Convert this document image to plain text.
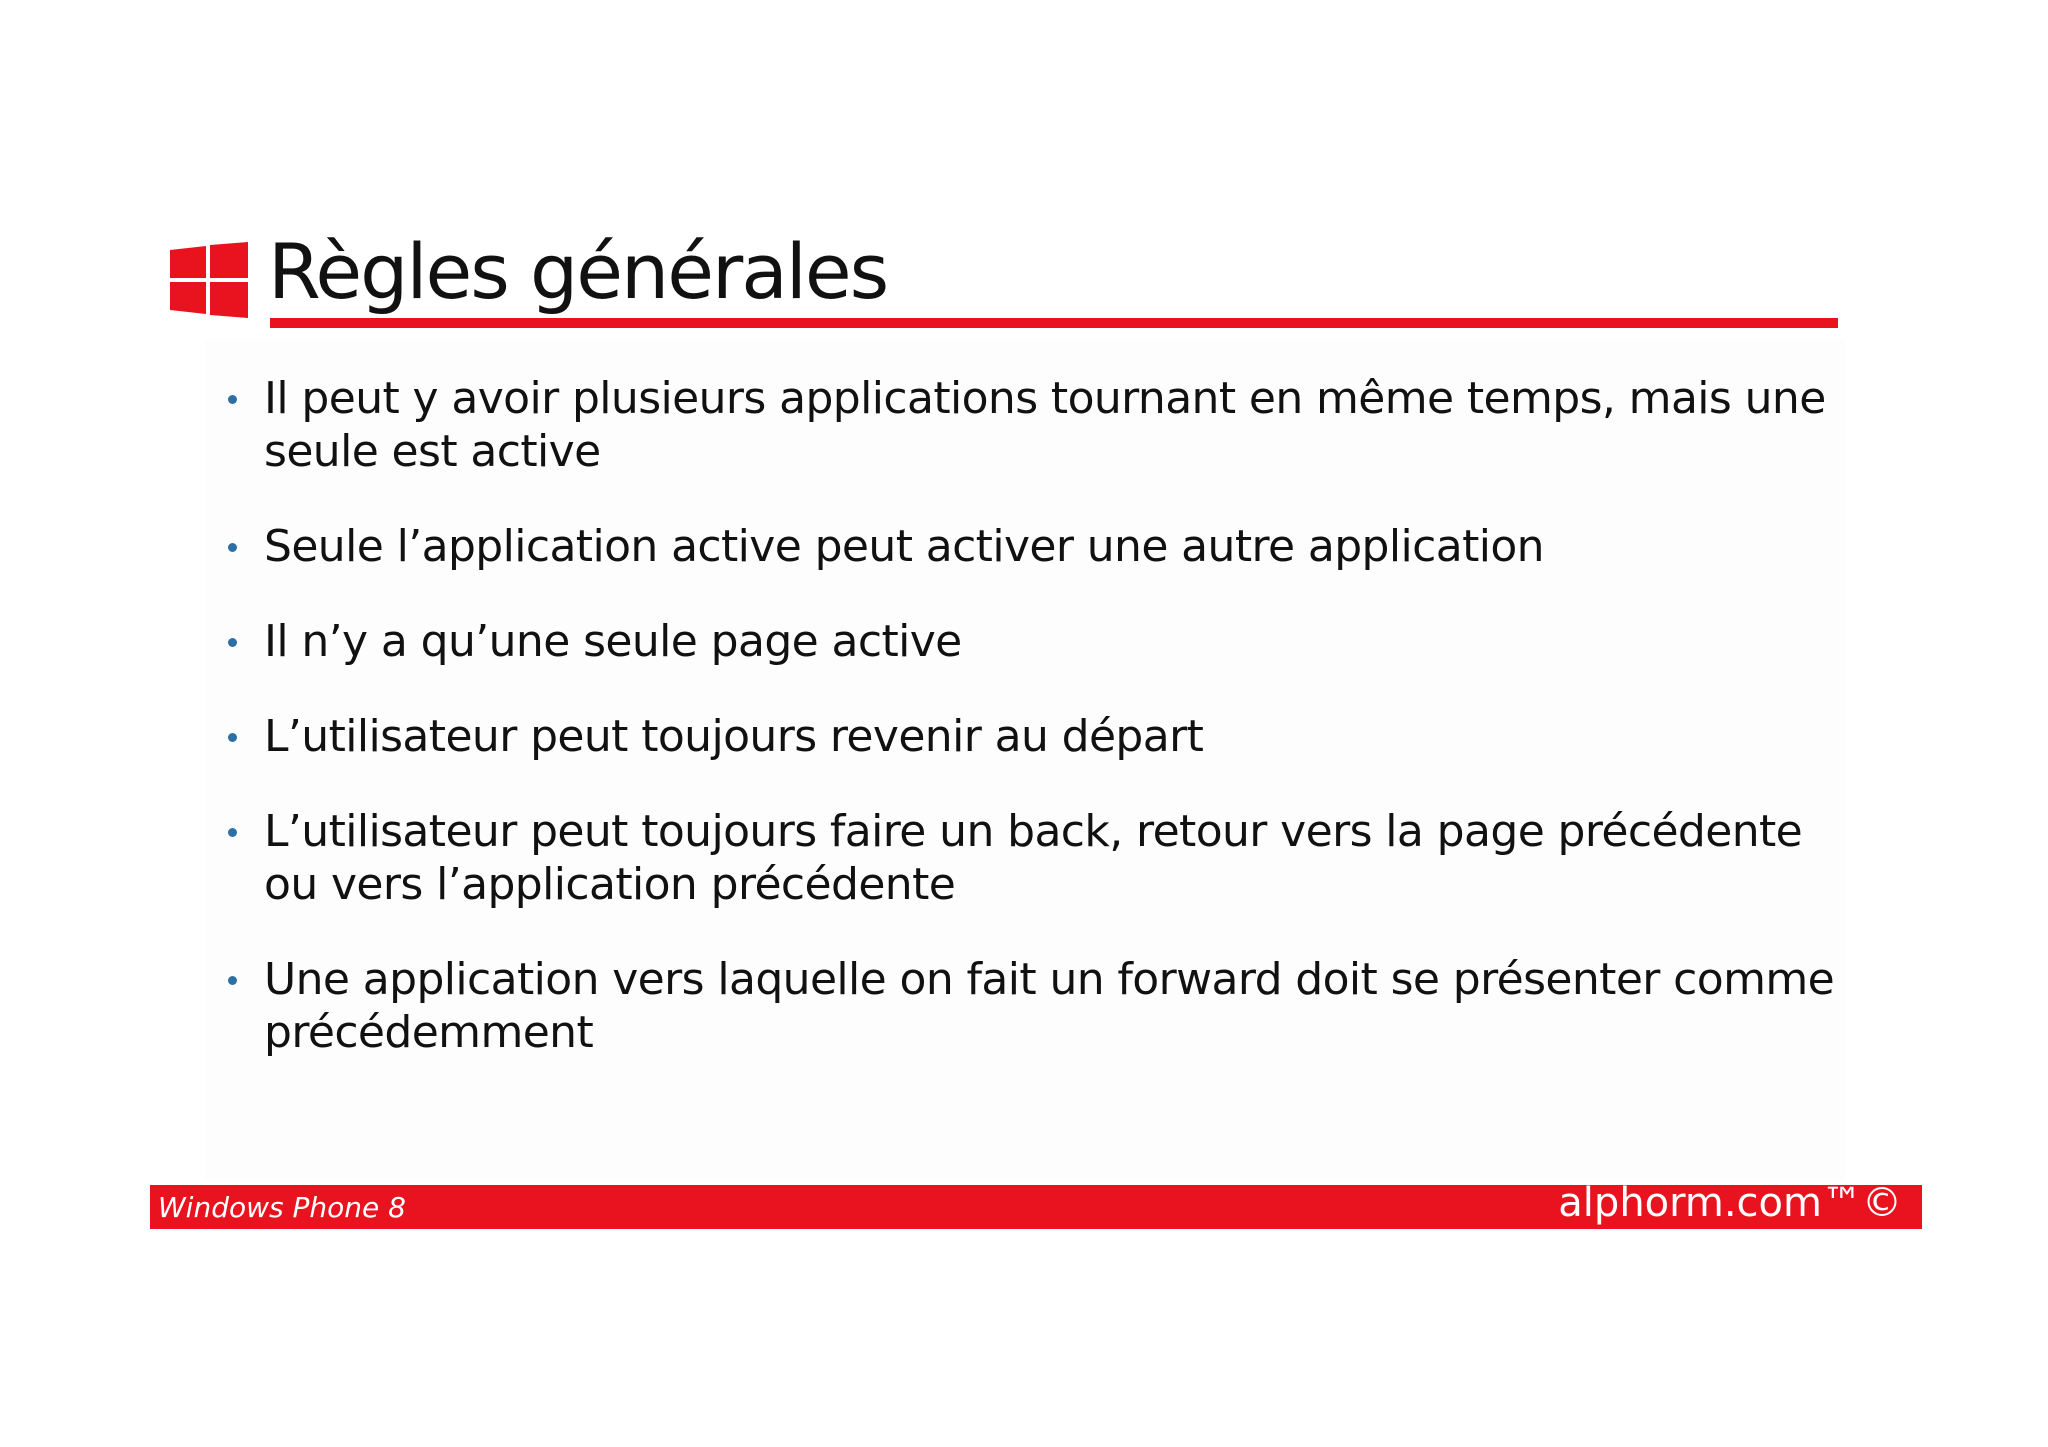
Règles générales
Il peut y avoir plusieurs applications tournant en même temps, mais une seule est active
Seule l’application active peut activer une autre application
Il n’y a qu’une seule page active
L’utilisateur peut toujours revenir au départ
L’utilisateur peut toujours faire un back, retour vers la page précédente ou vers l’application précédente
Une application vers laquelle on fait un forward doit se présenter comme précédemment
Windows Phone 8	alphorm.com™©
